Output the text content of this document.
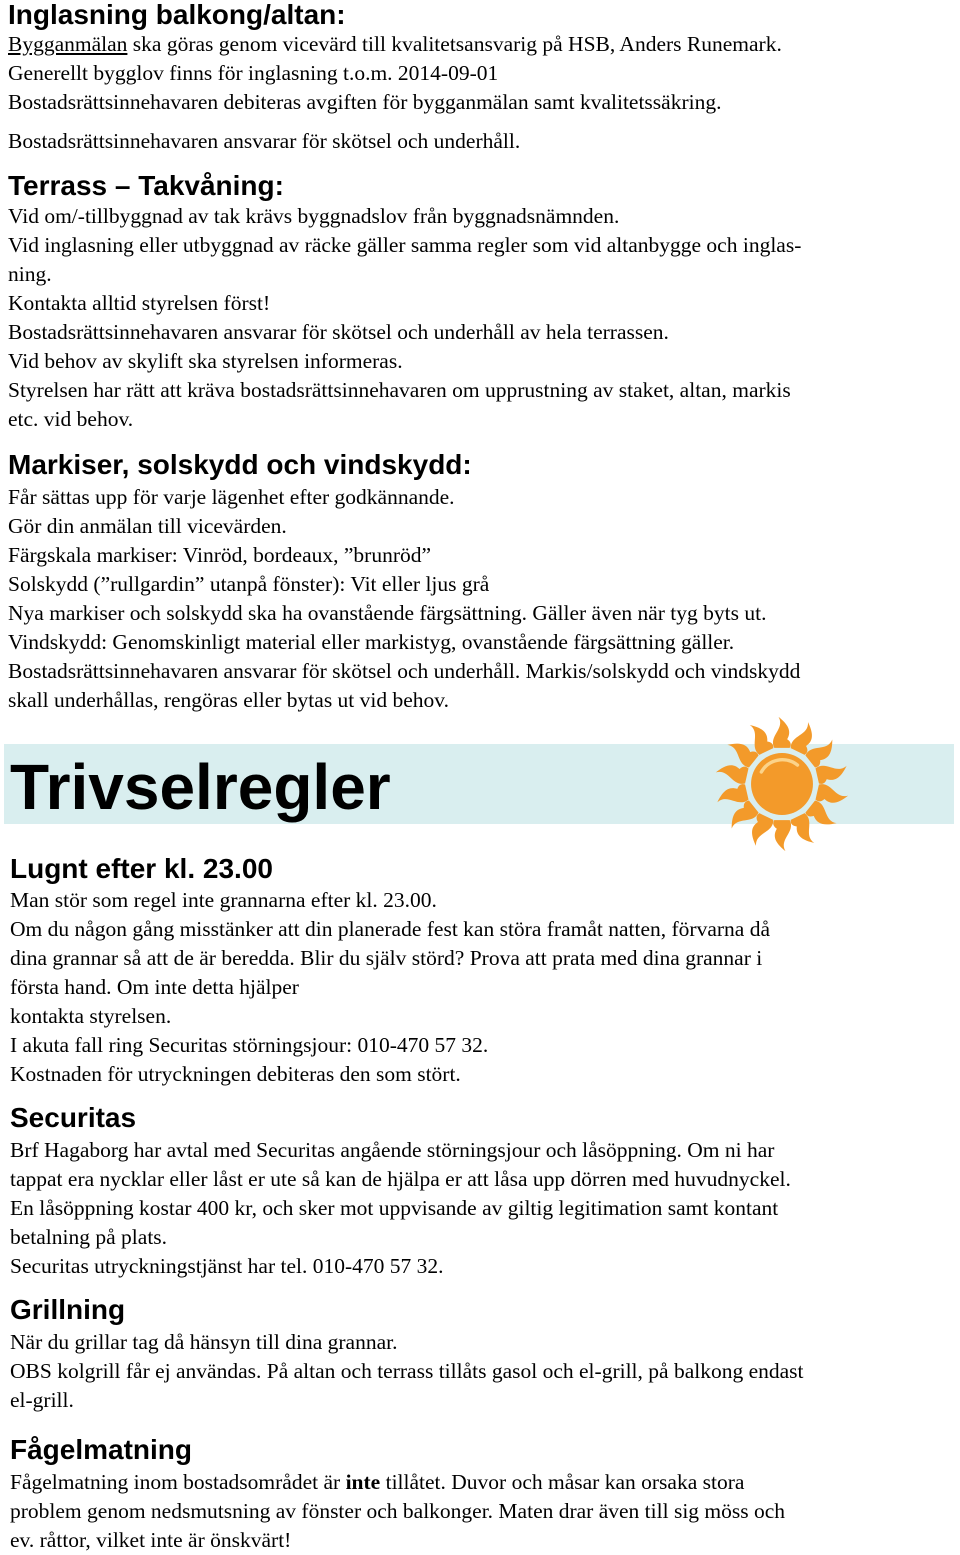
Inglasning balkong/altan:

Bygganmälan ska göras genom vicevärd till kvalitetsansvarig på HSB, Anders Runemark.

Generellt bygglov finns för inglasning t.o.m. 2014-09-01

Bostadsrättsinnehavaren debiteras avgiften för bygganmälan samt kvalitetssäkring.

Bostadsrättsinnehavaren ansvarar för skötsel och underhåll.

Terrass – Takvåning:

Vid om/-tillbyggnad av tak krävs byggnadslov från byggnadsnämnden.

Vid inglasning eller utbyggnad av räcke gäller samma regler som vid altanbygge och inglas-

ning.

Kontakta alltid styrelsen först!

Bostadsrättsinnehavaren ansvarar för skötsel och underhåll av hela terrassen.

Vid behov av skylift ska styrelsen informeras.

Styrelsen har rätt att kräva bostadsrättsinnehavaren om upprustning av staket, altan, markis

etc. vid behov.

Markiser, solskydd och vindskydd:

Får sättas upp för varje lägenhet efter godkännande.

Gör din anmälan till vicevärden.

Färgskala markiser: Vinröd, bordeaux, ”brunröd”

Solskydd (”rullgardin” utanpå fönster): Vit eller ljus grå

Nya markiser och solskydd ska ha ovanstående färgsättning. Gäller även när tyg byts ut.

Vindskydd: Genomskinligt material eller markistyg, ovanstående färgsättning gäller.

Bostadsrättsinnehavaren ansvarar för skötsel och underhåll. Markis/solskydd och vindskydd

skall underhållas, rengöras eller bytas ut vid behov.

Trivselregler
Lugnt efter kl. 23.00

Man stör som regel inte grannarna efter kl. 23.00.

Om du någon gång misstänker att din planerade fest kan störa framåt natten, förvarna då

dina grannar så att de är beredda. Blir du själv störd? Prova att prata med dina grannar i

första hand. Om inte detta hjälper

kontakta styrelsen.

I akuta fall ring Securitas störningsjour: 010-470 57 32.

Kostnaden för utryckningen debiteras den som stört.

Securitas

Brf Hagaborg har avtal med Securitas angående störningsjour och låsöppning. Om ni har

tappat era nycklar eller låst er ute så kan de hjälpa er att låsa upp dörren med huvudnyckel.

En låsöppning kostar 400 kr, och sker mot uppvisande av giltig legitimation samt kontant

betalning på plats.

Securitas utryckningstjänst har tel. 010-470 57 32.

Grillning

När du grillar tag då hänsyn till dina grannar.

OBS kolgrill får ej användas. På altan och terrass tillåts gasol och el-grill, på balkong endast

el-grill.

Fågelmatning

Fågelmatning inom bostadsområdet är inte tillåtet. Duvor och måsar kan orsaka stora

problem genom nedsmutsning av fönster och balkonger. Maten drar även till sig möss och

ev. råttor, vilket inte är önskvärt!
